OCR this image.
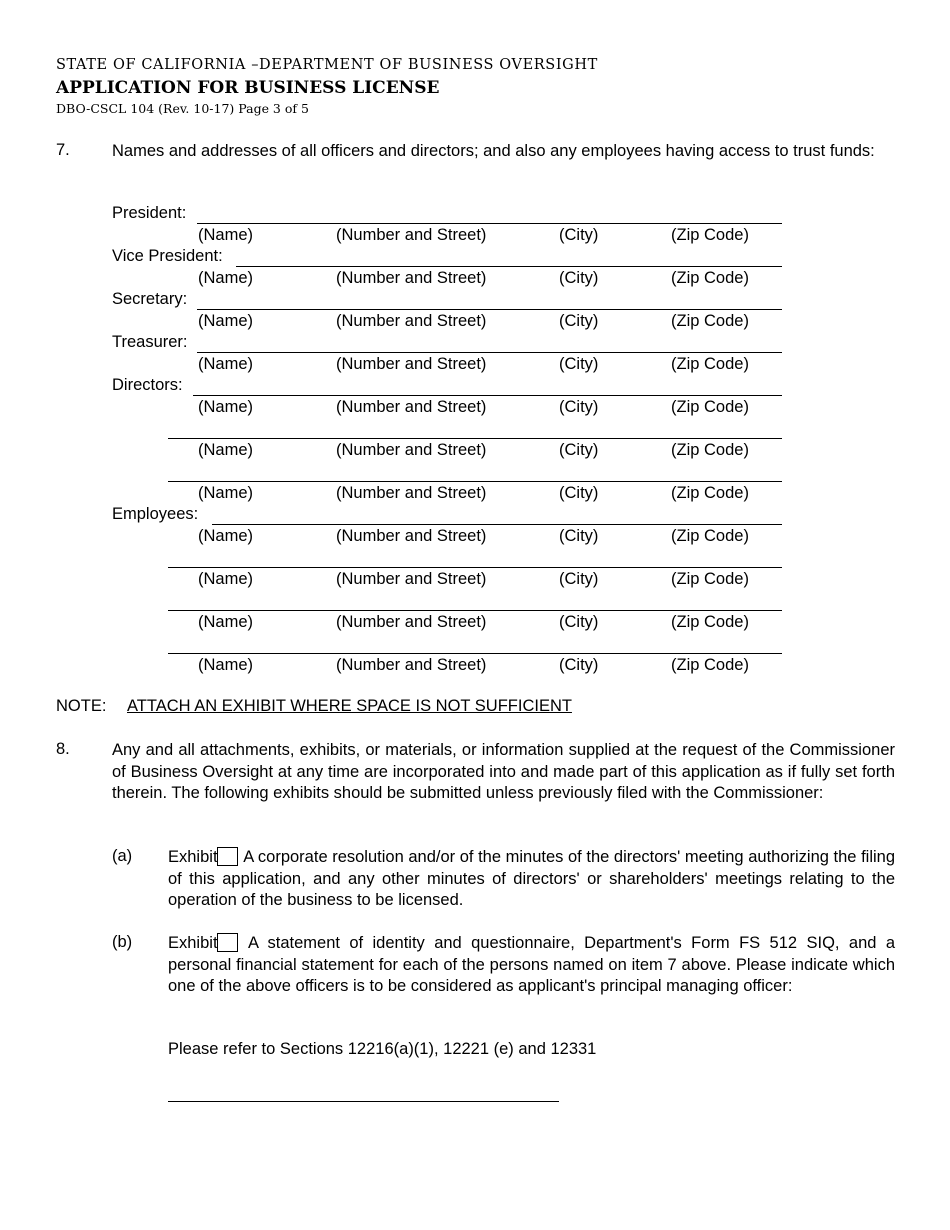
STATE OF CALIFORNIA –DEPARTMENT OF BUSINESS OVERSIGHT
APPLICATION FOR BUSINESS LICENSE
DBO-CSCL 104 (Rev. 10-17) Page 3 of 5
7.	Names and addresses of all officers and directors; and also any employees having access to trust funds:
President:
(Name)	(Number and Street)	(City)	(Zip Code)
Vice President:
(Name)	(Number and Street)	(City)	(Zip Code)
Secretary:
(Name)	(Number and Street)	(City)	(Zip Code)
Treasurer:
(Name)	(Number and Street)	(City)	(Zip Code)
Directors:
(Name)	(Number and Street)	(City)	(Zip Code)
(Name)	(Number and Street)	(City)	(Zip Code)
(Name)	(Number and Street)	(City)	(Zip Code)
Employees:
(Name)	(Number and Street)	(City)	(Zip Code)
(Name)	(Number and Street)	(City)	(Zip Code)
(Name)	(Number and Street)	(City)	(Zip Code)
(Name)	(Number and Street)	(City)	(Zip Code)
NOTE: ATTACH AN EXHIBIT WHERE SPACE IS NOT SUFFICIENT
8.	Any and all attachments, exhibits, or materials, or information supplied at the request of the Commissioner of Business Oversight at any time are incorporated into and made part of this application as if fully set forth therein. The following exhibits should be submitted unless previously filed with the Commissioner:
(a) Exhibit A corporate resolution and/or of the minutes of the directors' meeting authorizing the filing of this application, and any other minutes of directors' or shareholders' meetings relating to the operation of the business to be licensed.
(b) Exhibit A statement of identity and questionnaire, Department's Form FS 512 SIQ, and a personal financial statement for each of the persons named on item 7 above. Please indicate which one of the above officers is to be considered as applicant's principal managing officer:
Please refer to Sections 12216(a)(1), 12221 (e) and 12331
